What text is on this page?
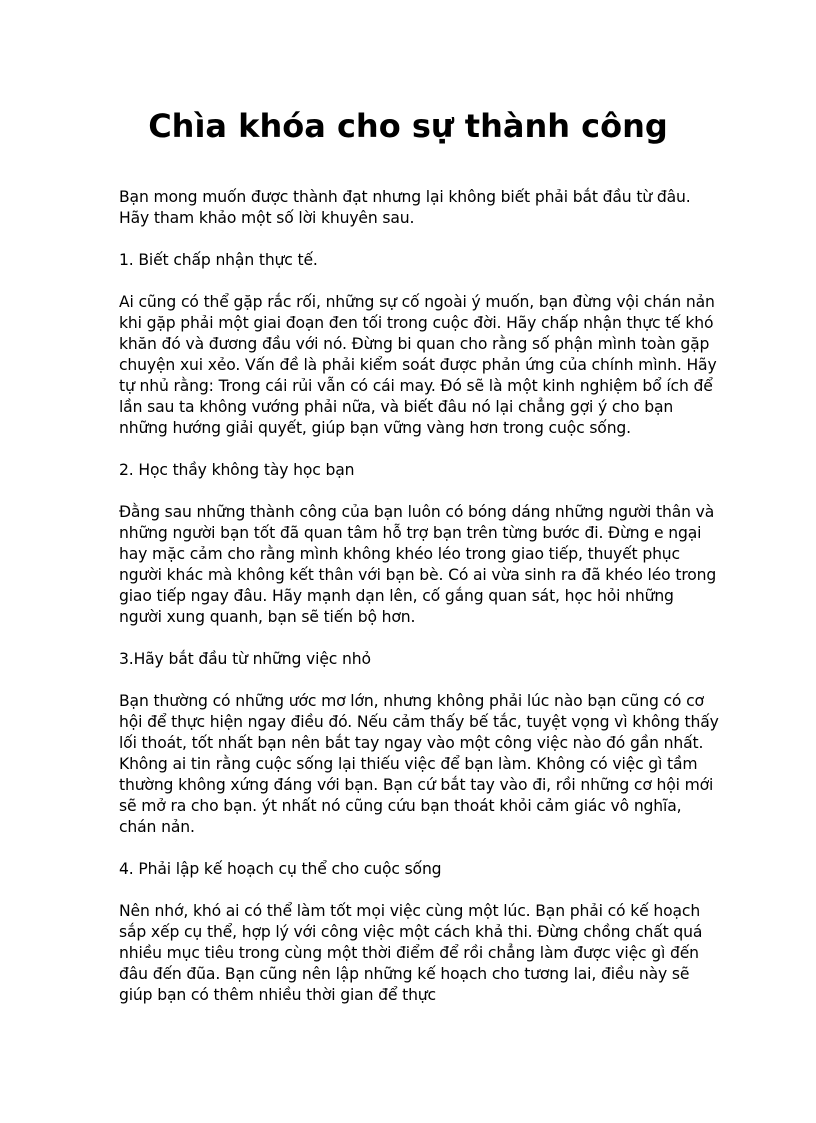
Chìa khóa cho sự thành công

Bạn mong muốn được thành đạt nhưng lại không biết phải bắt đầu từ đâu. Hãy tham khảo một số lời khuyên sau.

1. Biết chấp nhận thực tế.

Ai cũng có thể gặp rắc rối, những sự cố ngoài ý muốn, bạn đừng vội chán nản khi gặp phải một giai đoạn đen tối trong cuộc đời. Hãy chấp nhận thực tế khó khăn đó và đương đầu với nó. Đừng bi quan cho rằng số phận mình toàn gặp chuyện xui xẻo. Vấn đề là phải kiểm soát được phản ứng của chính mình. Hãy tự nhủ rằng: Trong cái rủi vẫn có cái may. Đó sẽ là một kinh nghiệm bổ ích để lần sau ta không vướng phải nữa, và biết đâu nó lại chẳng gợi ý cho bạn những hướng giải quyết, giúp bạn vững vàng hơn trong cuộc sống.

2. Học thầy không tày học bạn

Đằng sau những thành công của bạn luôn có bóng dáng những người thân và những người bạn tốt đã quan tâm hỗ trợ bạn trên từng bước đi. Đừng e ngại hay mặc cảm cho rằng mình không khéo léo trong giao tiếp, thuyết phục người khác mà không kết thân với bạn bè. Có ai vừa sinh ra đã khéo léo trong giao tiếp ngay đâu. Hãy mạnh dạn lên, cố gắng quan sát, học hỏi những người xung quanh, bạn sẽ tiến bộ hơn.

3.Hãy bắt đầu từ những việc nhỏ

Bạn thường có những ước mơ lớn, nhưng không phải lúc nào bạn cũng có cơ hội để thực hiện ngay điều đó. Nếu cảm thấy bế tắc, tuyệt vọng vì không thấy lối thoát, tốt nhất bạn nên bắt tay ngay vào một công việc nào đó gần nhất. Không ai tin rằng cuộc sống lại thiếu việc để bạn làm. Không có việc gì tầm thường không xứng đáng với bạn. Bạn cứ bắt tay vào đi, rồi những cơ hội mới sẽ mở ra cho bạn. ýt nhất nó cũng cứu bạn thoát khỏi cảm giác vô nghĩa, chán nản.

4. Phải lập kế hoạch cụ thể cho cuộc sống

Nên nhớ, khó ai có thể làm tốt mọi việc cùng một lúc. Bạn phải có kế hoạch sắp xếp cụ thể, hợp lý với công việc một cách khả thi. Đừng chồng chất quá nhiều mục tiêu trong cùng một thời điểm để rồi chẳng làm được việc gì đến đâu đến đũa. Bạn cũng nên lập những kế hoạch cho tương lai, điều này sẽ giúp bạn có thêm nhiều thời gian để thực
